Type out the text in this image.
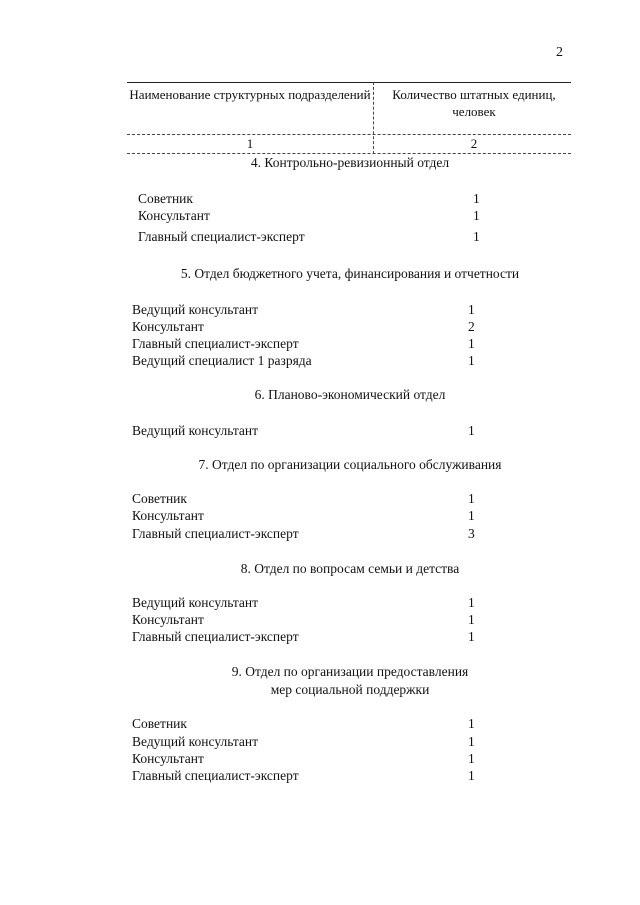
2
Наименование структурных подразделений	Количество штатных единиц, человек
1	2
4. Контрольно-ревизионный отдел
Советник	1
Консультант	1
Главный специалист-эксперт	1
5. Отдел бюджетного учета, финансирования и отчетности
Ведущий консультант	1
Консультант	2
Главный специалист-эксперт	1
Ведущий специалист 1 разряда	1
6. Планово-экономический отдел
Ведущий консультант	1
7. Отдел по организации социального обслуживания
Советник	1
Консультант	1
Главный специалист-эксперт	3
8. Отдел по вопросам семьи и детства
Ведущий консультант	1
Консультант	1
Главный специалист-эксперт	1
9. Отдел по организации предоставления
мер социальной поддержки
Советник	1
Ведущий консультант	1
Консультант	1
Главный специалист-эксперт	1
